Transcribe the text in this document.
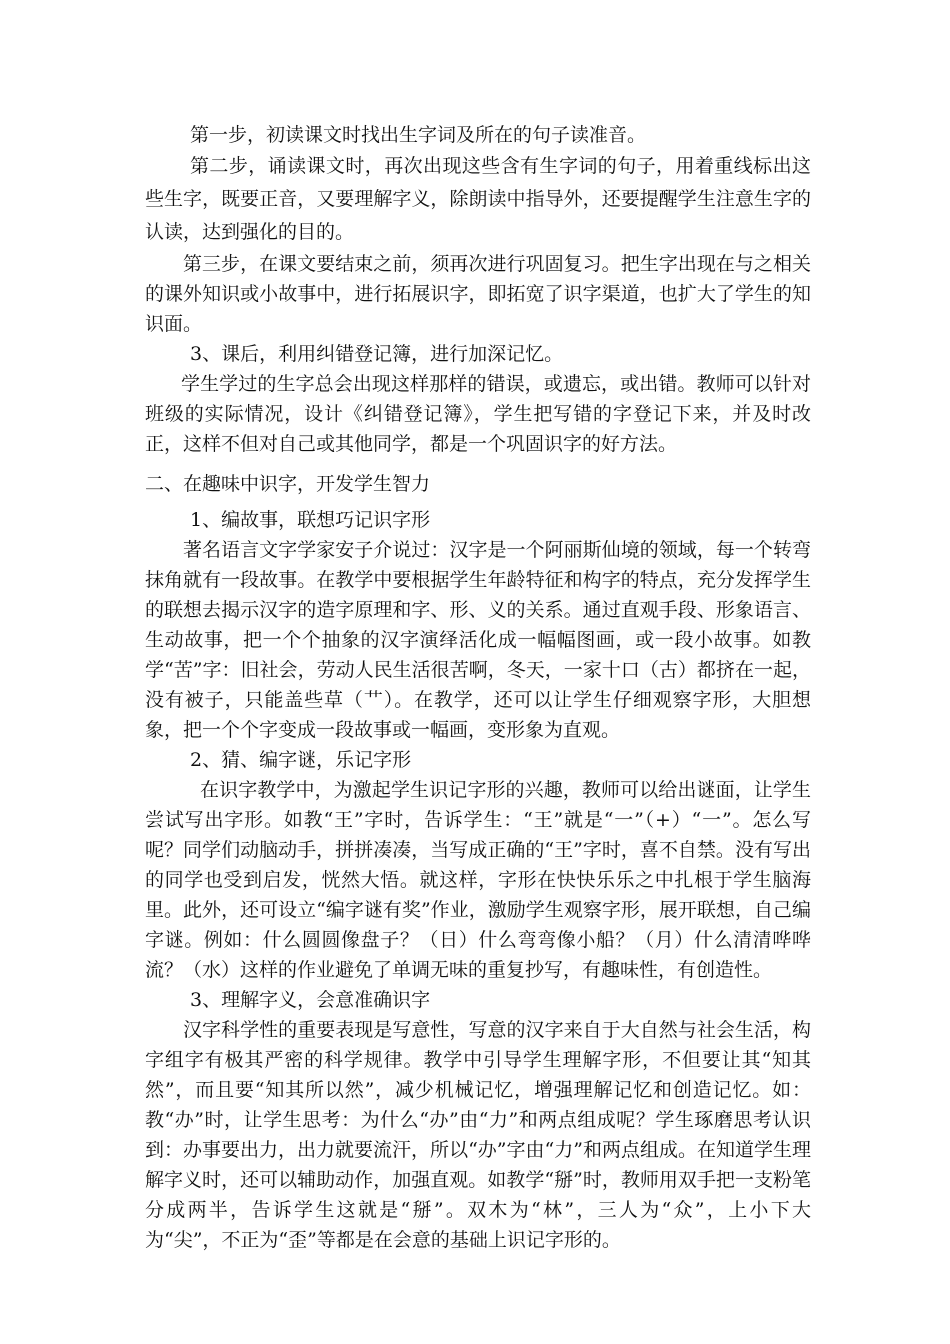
第一步，初读课文时找出生字词及所在的句子读准音。

第二步，诵读课文时，再次出现这些含有生字词的句子，用着重线标出这些生字，既要正音，又要理解字义，除朗读中指导外，还要提醒学生注意生字的认读，达到强化的目的。

第三步，在课文要结束之前，须再次进行巩固复习。把生字出现在与之相关的课外知识或小故事中，进行拓展识字，即拓宽了识字渠道，也扩大了学生的知识面。

3、课后，利用纠错登记簿，进行加深记忆。

学生学过的生字总会出现这样那样的错误，或遗忘，或出错。教师可以针对班级的实际情况，设计《纠错登记簿》，学生把写错的字登记下来，并及时改正，这样不但对自己或其他同学，都是一个巩固识字的好方法。

二、在趣味中识字，开发学生智力

1、编故事，联想巧记识字形

著名语言文字学家安子介说过：汉字是一个阿丽斯仙境的领域，每一个转弯抹角就有一段故事。在教学中要根据学生年龄特征和构字的特点，充分发挥学生的联想去揭示汉字的造字原理和字、形、义的关系。通过直观手段、形象语言、生动故事，把一个个抽象的汉字演绎活化成一幅幅图画，或一段小故事。如教学“苦”字：旧社会，劳动人民生活很苦啊，冬天，一家十口（古）都挤在一起，没有被子，只能盖些草（艹）。在教学，还可以让学生仔细观察字形，大胆想象，把一个个字变成一段故事或一幅画，变形象为直观。

2、猜、编字谜，乐记字形

在识字教学中，为激起学生识记字形的兴趣，教师可以给出谜面，让学生尝试写出字形。如教“王”字时，告诉学生：“王”就是“一”（+）“一”。怎么写呢？同学们动脑动手，拼拼凑凑，当写成正确的“王”字时，喜不自禁。没有写出的同学也受到启发，恍然大悟。就这样，字形在快快乐乐之中扎根于学生脑海里。此外，还可设立“编字谜有奖”作业，激励学生观察字形，展开联想，自己编字谜。例如：什么圆圆像盘子？（日）什么弯弯像小船？（月）什么清清哗哗流？（水）这样的作业避免了单调无味的重复抄写，有趣味性，有创造性。

3、理解字义，会意准确识字

汉字科学性的重要表现是写意性，写意的汉字来自于大自然与社会生活，构字组字有极其严密的科学规律。教学中引导学生理解字形，不但要让其“知其然”，而且要“知其所以然”，减少机械记忆，增强理解记忆和创造记忆。如：教“办”时，让学生思考：为什么“办”由“力”和两点组成呢？学生琢磨思考认识到：办事要出力，出力就要流汗，所以“办”字由“力”和两点组成。在知道学生理解字义时，还可以辅助动作，加强直观。如教学“掰”时，教师用双手把一支粉笔分成两半，告诉学生这就是“掰”。双木为“林”，三人为“众”，上小下大为“尖”，不正为“歪”等都是在会意的基础上识记字形的。
